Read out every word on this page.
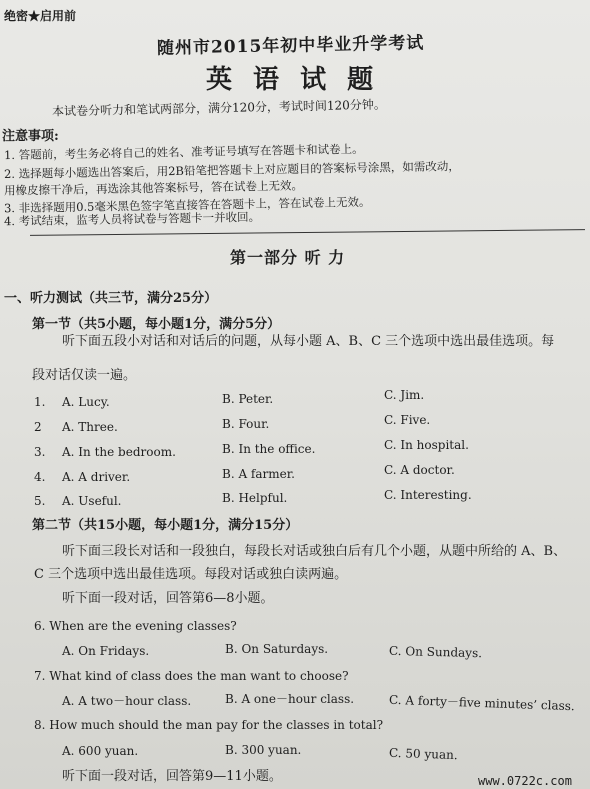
绝密★启用前
随州市2015年初中毕业升学考试
英 语 试 题
本试卷分听力和笔试两部分，满分120分，考试时间120分钟。
注意事项:
1. 答题前，考生务必将自己的姓名、准考证号填写在答题卡和试卷上。
2. 选择题每小题选出答案后，用2B铅笔把答题卡上对应题目的答案标号涂黑，如需改动，
用橡皮擦干净后，再选涂其他答案标号，答在试卷上无效。
3. 非选择题用0.5毫米黑色签字笔直接答在答题卡上，答在试卷上无效。
4. 考试结束，监考人员将试卷与答题卡一并收回。
第一部分 听 力
一、听力测试（共三节，满分25分）
第一节（共5小题，每小题1分，满分5分）
听下面五段小对话和对话后的问题，从每小题 A、B、C 三个选项中选出最佳选项。每
段对话仅读一遍。
1. A. Lucy.	B. Peter.	C. Jim.
2 A. Three.	B. Four.	C. Five.
3. A. In the bedroom.	B. In the office.	C. In hospital.
4. A. A driver.	B. A farmer.	C. A doctor.
5. A. Useful.	B. Helpful.	C. Interesting.
第二节（共15小题，每小题1分，满分15分）
听下面三段长对话和一段独白，每段长对话或独白后有几个小题，从题中所给的 A、B、
C 三个选项中选出最佳选项。每段对话或独白读两遍。
听下面一段对话，回答第6—8小题。
6. When are the evening classes?
A. On Fridays.	B. On Saturdays.	C. On Sundays.
7. What kind of class does the man want to choose?
A. A two－hour class.	B. A one－hour class.	C. A forty－five minutes’ class.
8. How much should the man pay for the classes in total?
A. 600 yuan.	B. 300 yuan.	C. 50 yuan.
听下面一段对话，回答第9—11小题。	www.0722c.com
